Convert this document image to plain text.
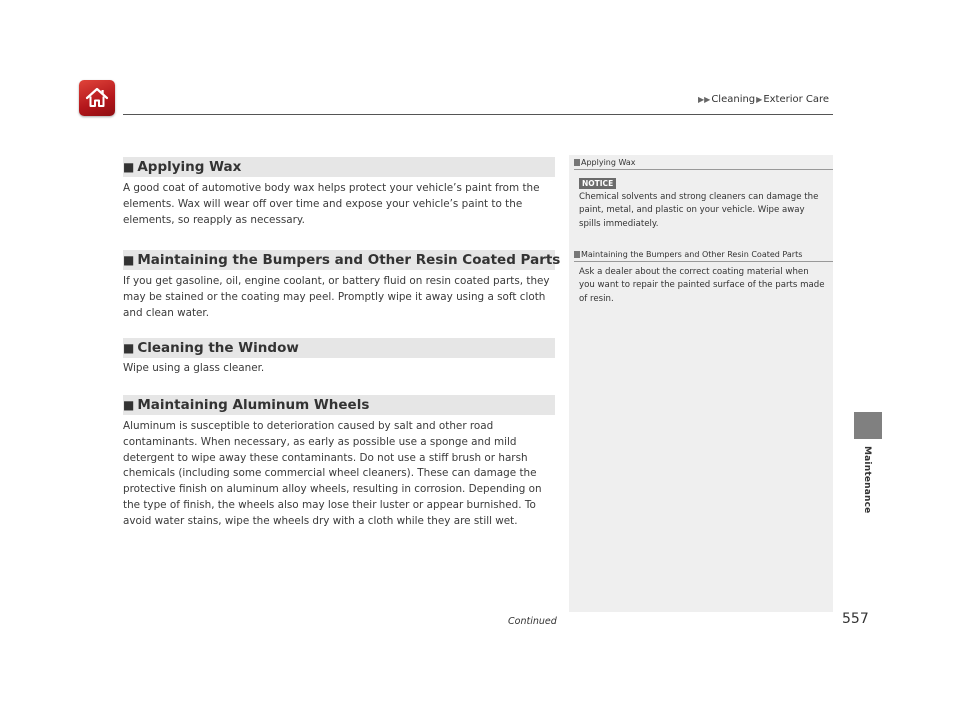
▶▶Cleaning▶Exterior Care
Maintenance
■ Applying Wax

A good coat of automotive body wax helps protect your vehicle’s paint from the elements. Wax will wear off over time and expose your vehicle’s paint to the elements, so reapply as necessary.

■ Maintaining the Bumpers and Other Resin Coated Parts

If you get gasoline, oil, engine coolant, or battery fluid on resin coated parts, they may be stained or the coating may peel. Promptly wipe it away using a soft cloth and clean water.

■ Cleaning the Window

Wipe using a glass cleaner.

■ Maintaining Aluminum Wheels

Aluminum is susceptible to deterioration caused by salt and other road contaminants. When necessary, as early as possible use a sponge and mild detergent to wipe away these contaminants. Do not use a stiff brush or harsh chemicals (including some commercial wheel cleaners). These can damage the protective finish on aluminum alloy wheels, resulting in corrosion. Depending on the type of finish, the wheels also may lose their luster or appear burnished. To avoid water stains, wipe the wheels dry with a cloth while they are still wet.

Applying Wax
NOTICE
Chemical solvents and strong cleaners can damage the paint, metal, and plastic on your vehicle. Wipe away spills immediately.
Maintaining the Bumpers and Other Resin Coated Parts
Ask a dealer about the correct coating material when you want to repair the painted surface of the parts made of resin.
Continued	557
